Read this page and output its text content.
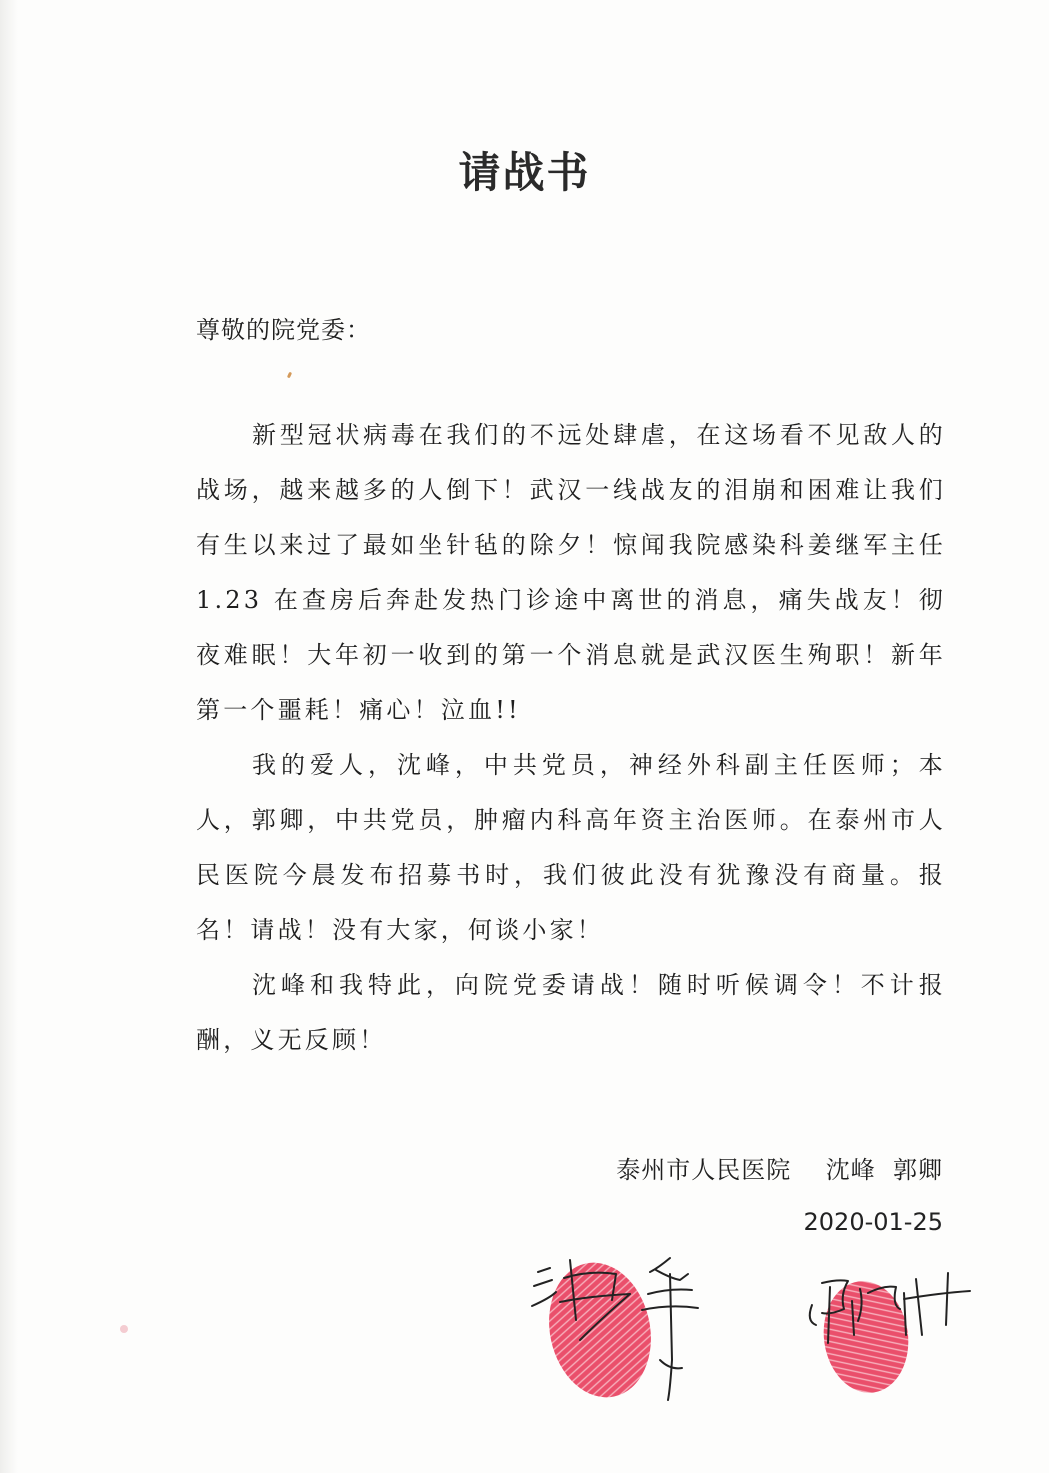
请战书
尊敬的院党委：

新型冠状病毒在我们的不远处肆虐，在这场看不见敌人的战场，越来越多的人倒下！武汉一线战友的泪崩和困难让我们有生以来过了最如坐针毡的除夕！惊闻我院感染科姜继军主任 1.23 在查房后奔赴发热门诊途中离世的消息，痛失战友！彻夜难眠！大年初一收到的第一个消息就是武汉医生殉职！新年第一个噩耗！痛心！泣血!!

我的爱人，沈峰，中共党员，神经外科副主任医师；本人，郭卿，中共党员，肿瘤内科高年资主治医师。在泰州市人民医院今晨发布招募书时，我们彼此没有犹豫没有商量。报名！请战！没有大家，何谈小家！

沈峰和我特此，向院党委请战！随时听候调令！不计报酬，义无反顾！

泰州市人民医院    沈峰  郭卿
2020-01-25
